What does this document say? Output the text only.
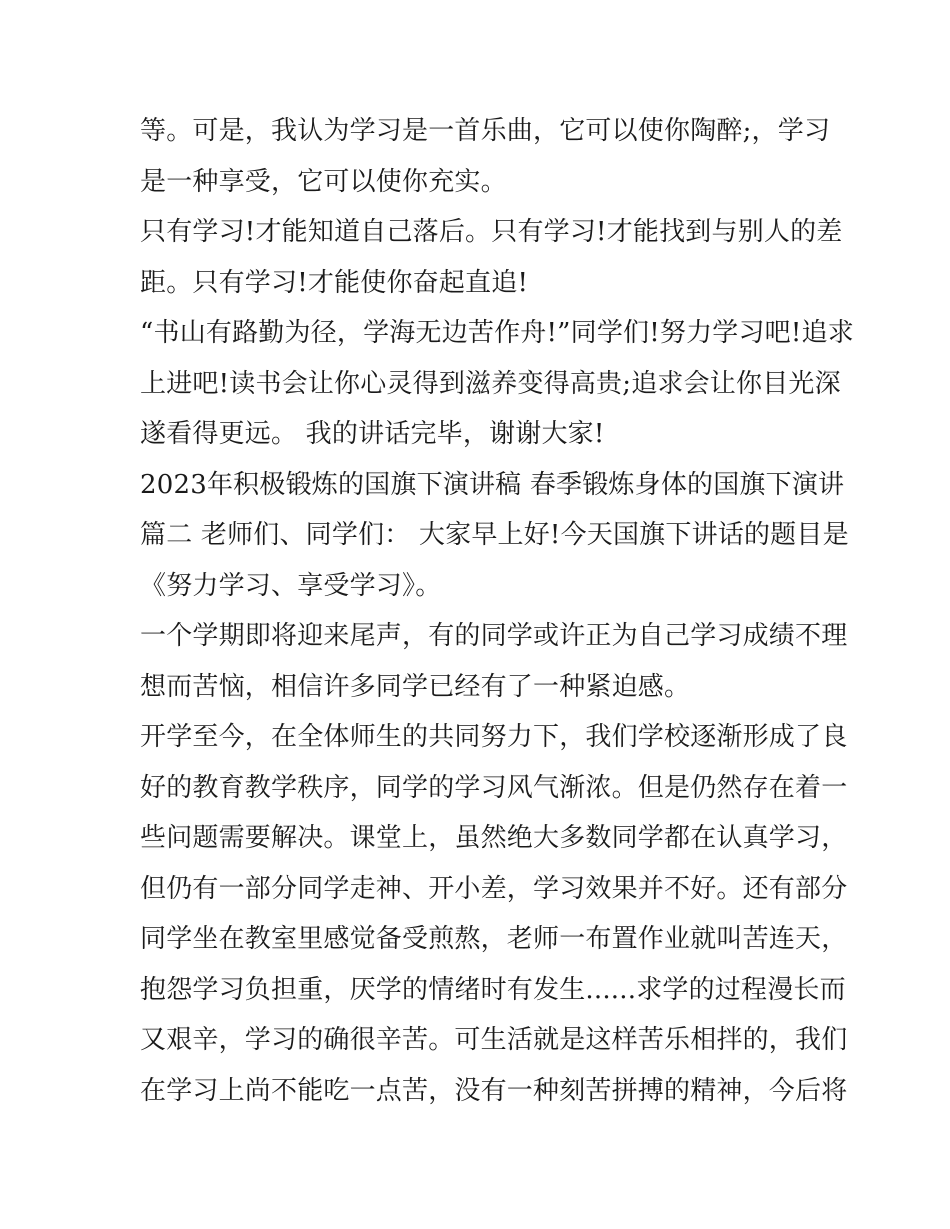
等。可是，我认为学习是一首乐曲，它可以使你陶醉;，学习
是一种享受，它可以使你充实。
只有学习!才能知道自己落后。只有学习!才能找到与别人的差
距。只有学习!才能使你奋起直追!
“书山有路勤为径，学海无边苦作舟!”同学们!努力学习吧!追求
上进吧!读书会让你心灵得到滋养变得高贵;追求会让你目光深
遂看得更远。 我的讲话完毕，谢谢大家!
2023年积极锻炼的国旗下演讲稿 春季锻炼身体的国旗下演讲
篇二 老师们、同学们： 大家早上好!今天国旗下讲话的题目是
《努力学习、享受学习》。
一个学期即将迎来尾声，有的同学或许正为自己学习成绩不理
想而苦恼，相信许多同学已经有了一种紧迫感。
开学至今，在全体师生的共同努力下，我们学校逐渐形成了良
好的教育教学秩序，同学的学习风气渐浓。但是仍然存在着一
些问题需要解决。课堂上，虽然绝大多数同学都在认真学习，
但仍有一部分同学走神、开小差，学习效果并不好。还有部分
同学坐在教室里感觉备受煎熬，老师一布置作业就叫苦连天，
抱怨学习负担重，厌学的情绪时有发生......求学的过程漫长而
又艰辛，学习的确很辛苦。可生活就是这样苦乐相拌的，我们
在学习上尚不能吃一点苦，没有一种刻苦拼搏的精神，今后将
